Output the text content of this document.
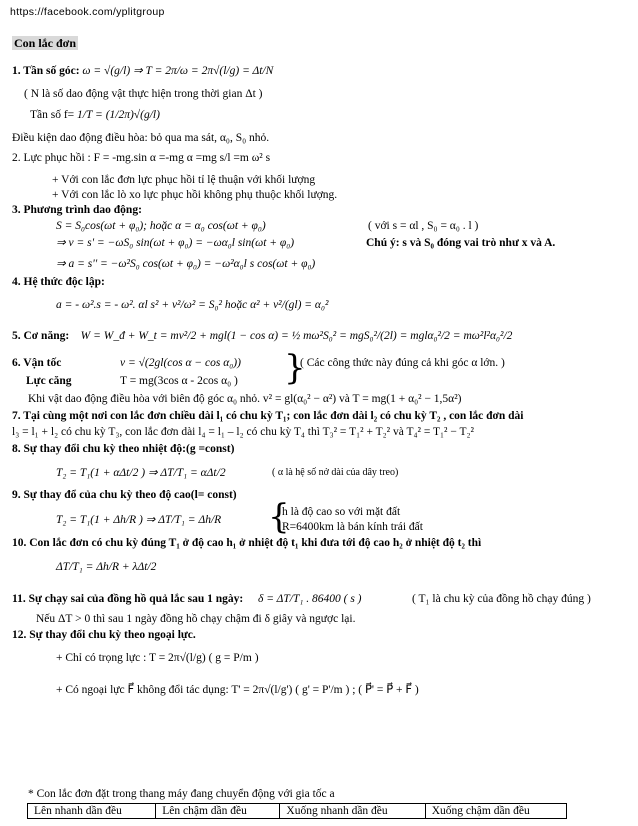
https://facebook.com/yplitgroup
Con lắc đơn
1. Tần số góc: ω = √(g/l) ⇒ T = 2π/ω = 2π√(l/g) = Δt/N
( N là số dao động vật thực hiện trong thời gian Δt )
Tần số f= 1/T = (1/2π)√(g/l)
Điều kiện dao động điều hòa: bỏ qua ma sát, α₀, S₀ nhỏ.
2. Lực phục hồi : F = -mg.sin α =-mg α =mg s/l =m ω² s
+ Với con lắc đơn lực phục hồi tỉ lệ thuận với khối lượng
+ Với con lắc lò xo lực phục hồi không phụ thuộc khối lượng.
3. Phương trình dao động:
S = S₀cos(ωt + φ₀); hoặc α = α₀ cos(ωt + φ₀)	( với s = αl , S₀ = α₀ . l )
⇒ v = s' = −ωS₀ sin(ωt + φ₀) = −ωα₀l sin(ωt + φ₀)	Chú ý: s và S₀ đóng vai trò như x và A.
⇒ a = s'' = −ω²S₀ cos(ωt + φ₀) = −ω²α₀l s cos(ωt + φ₀)
4. Hệ thức độc lập:
a = - ω².s = - ω². αl s² + v²/ω² = S₀² hoặc α² + v²/(gl) = α₀²
5. Cơ năng: W = W_đ + W_t = mv²/2 + mgl(1 − cos α) = ½ mω²S₀² = mgS₀²/(2l) = mglα₀²/2 = mω²l²α₀²/2
6. Vận tốc	v = √(2gl(cos α − cos α₀)) }
( Các công thức này đúng cả khi góc α lớn. )
Lực căng	T = mg(3cos α - 2cos α₀ )
Khi vật dao động điều hòa với biên độ góc α₀ nhỏ. v² = gl(α₀² − α²) và T = mg(1 + α₀² − 1,5α²)
7. Tại cùng một nơi con lắc đơn chiều dài l₁ có chu kỳ T₁; con lắc đơn dài l₂ có chu kỳ T₂ , con lắc đơn dài
l₃ = l₁ + l₂ có chu kỳ T₃, con lắc đơn dài l₄ = l₁ – l₂ có chu kỳ T₄ thì T₃² = T₁² + T₂² và T₄² = T₁² − T₂²
8. Sự thay đổi chu kỳ theo nhiệt độ:(g =const)
T₂ = T₁(1 + αΔt/2 ) ⇒ ΔT/T₁ = αΔt/2	( α là hệ số nở dài của dây treo)
9. Sự thay đổ của chu kỳ theo độ cao(l= const)
T₂ = T₁(1 + Δh/R ) ⇒ ΔT/T₁ = Δh/R {
h là độ cao so với mặt đất
R=6400km là bán kính trái đất
10. Con lắc đơn có chu kỳ đúng T₁ ở độ cao h₁ ở nhiệt độ t₁ khi đưa tới độ cao h₂ ở nhiệt độ t₂ thì
ΔT/T₁ = Δh/R + λΔt/2
11. Sự chạy sai của đồng hồ quả lắc sau 1 ngày: δ = ΔT/T₁ . 86400 ( s )	( T₁ là chu kỳ của đồng hồ chạy đúng )
Nếu ΔT > 0 thì sau 1 ngày đồng hồ chạy chậm đi δ giây và ngược lại.
12. Sự thay đổi chu kỳ theo ngoại lực.
+ Chỉ có trọng lực : T = 2π√(l/g) ( g = P/m )
+ Có ngoại lực F⃗ không đổi tác dụng: T' = 2π√(l/g') ( g' = P'/m ) ; ( P⃗' = P⃗ + F⃗ )
* Con lắc đơn đặt trong thang máy đang chuyển động với gia tốc a
Lên nhanh dần đều	Lên chậm dần đều	Xuống nhanh dần đều	Xuống chậm dần đều
